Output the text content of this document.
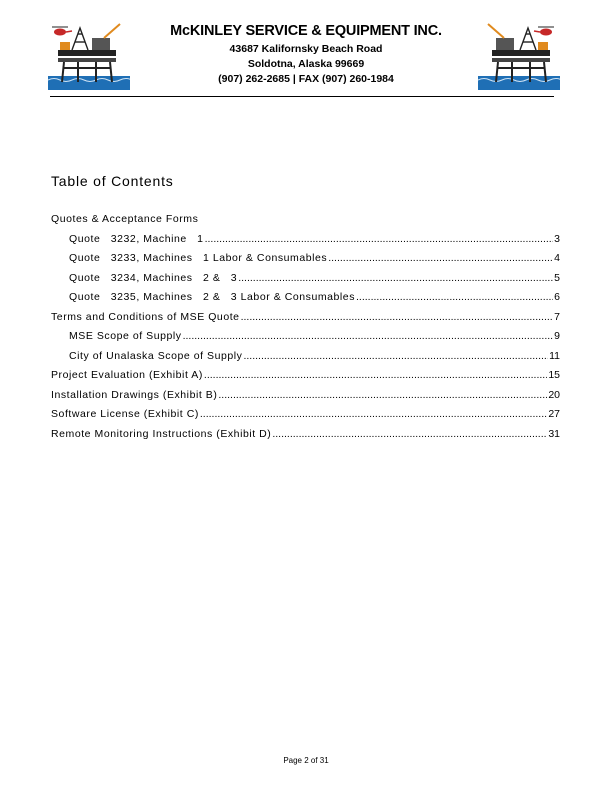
McKINLEY SERVICE & EQUIPMENT INC.
43687 Kalifornsky Beach Road
Soldotna, Alaska 99669
(907) 262-2685 | FAX (907) 260-1984
Table of Contents
Quotes & Acceptance Forms
Quote   3232, Machine   1 .....	3
Quote   3233, Machines   1 Labor & Consumables .....	4
Quote   3234, Machines   2 &   3 .....	5
Quote   3235, Machines   2 &   3 Labor & Consumables .....	6
Terms and Conditions of MSE Quote .....	7
MSE Scope of Supply .....	9
City of Unalaska Scope of Supply .....	11
Project Evaluation (Exhibit A) .....	15
Installation Drawings (Exhibit B) .....	20
Software License (Exhibit C) .....	27
Remote Monitoring Instructions (Exhibit D) .....	31
Page 2 of 31
